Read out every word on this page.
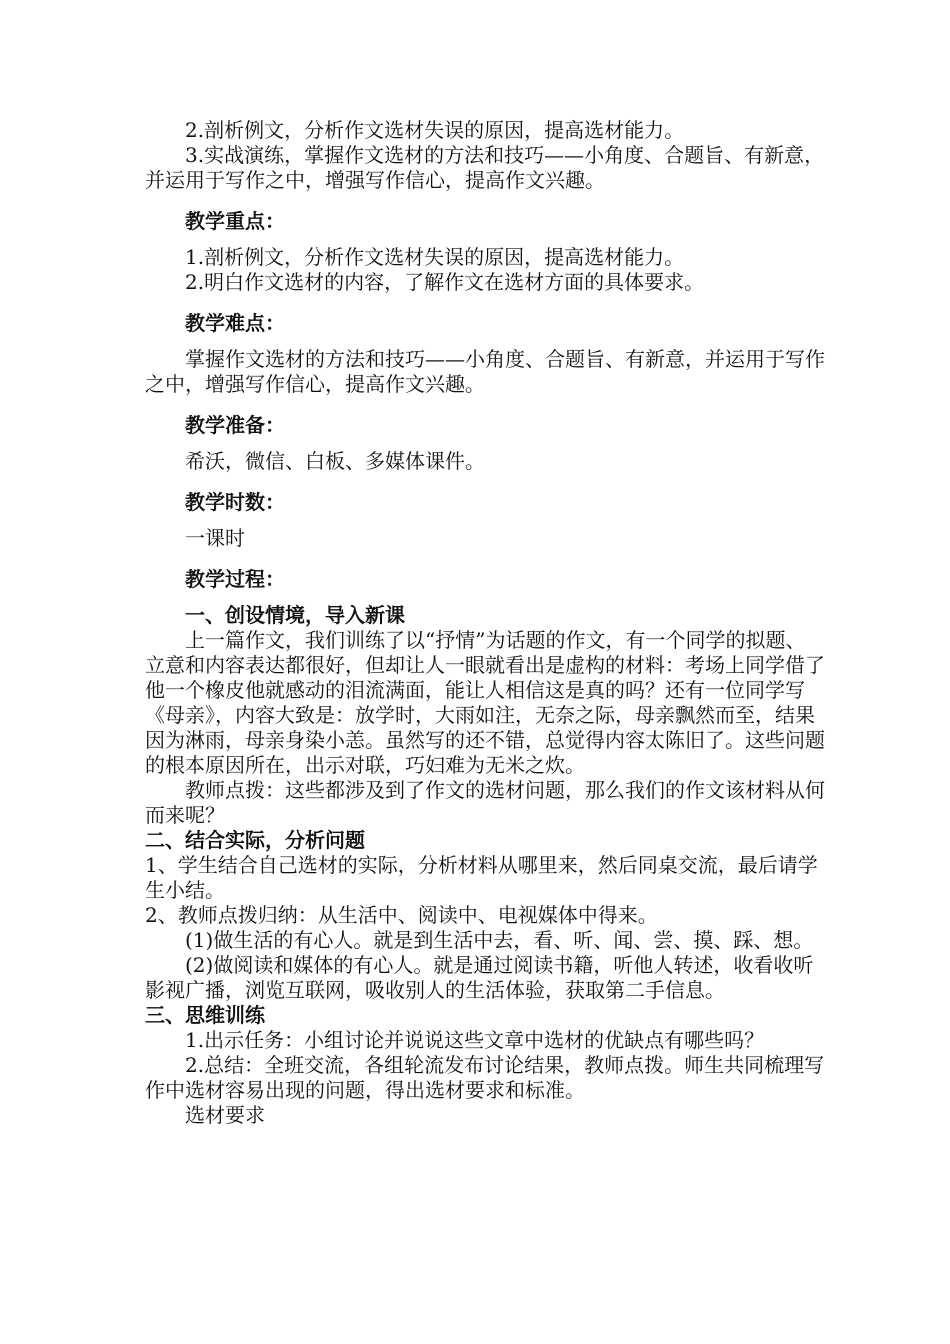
2.剖析例文，分析作文选材失误的原因，提高选材能力。

3.实战演练，掌握作文选材的方法和技巧——小角度、合题旨、有新意，并运用于写作之中，增强写作信心，提高作文兴趣。

教学重点：

1.剖析例文，分析作文选材失误的原因，提高选材能力。

2.明白作文选材的内容，了解作文在选材方面的具体要求。

教学难点：

掌握作文选材的方法和技巧——小角度、合题旨、有新意，并运用于写作之中，增强写作信心，提高作文兴趣。

教学准备：

希沃，微信、白板、多媒体课件。

教学时数：

一课时

教学过程：

一、创设情境，导入新课

上一篇作文，我们训练了以“抒情”为话题的作文，有一个同学的拟题、立意和内容表达都很好，但却让人一眼就看出是虚构的材料：考场上同学借了他一个橡皮他就感动的泪流满面，能让人相信这是真的吗？还有一位同学写《母亲》，内容大致是：放学时，大雨如注，无奈之际，母亲飘然而至，结果因为淋雨，母亲身染小恙。虽然写的还不错，总觉得内容太陈旧了。这些问题的根本原因所在，出示对联，巧妇难为无米之炊。

教师点拨：这些都涉及到了作文的选材问题，那么我们的作文该材料从何而来呢？

二、结合实际，分析问题

1、学生结合自己选材的实际，分析材料从哪里来，然后同桌交流，最后请学生小结。

2、教师点拨归纳：从生活中、阅读中、电视媒体中得来。

(1)做生活的有心人。就是到生活中去，看、听、闻、尝、摸、踩、想。

(2)做阅读和媒体的有心人。就是通过阅读书籍，听他人转述，收看收听影视广播，浏览互联网，吸收别人的生活体验，获取第二手信息。

三、思维训练

1.出示任务：小组讨论并说说这些文章中选材的优缺点有哪些吗？

2.总结：全班交流，各组轮流发布讨论结果，教师点拨。师生共同梳理写作中选材容易出现的问题，得出选材要求和标准。

选材要求
